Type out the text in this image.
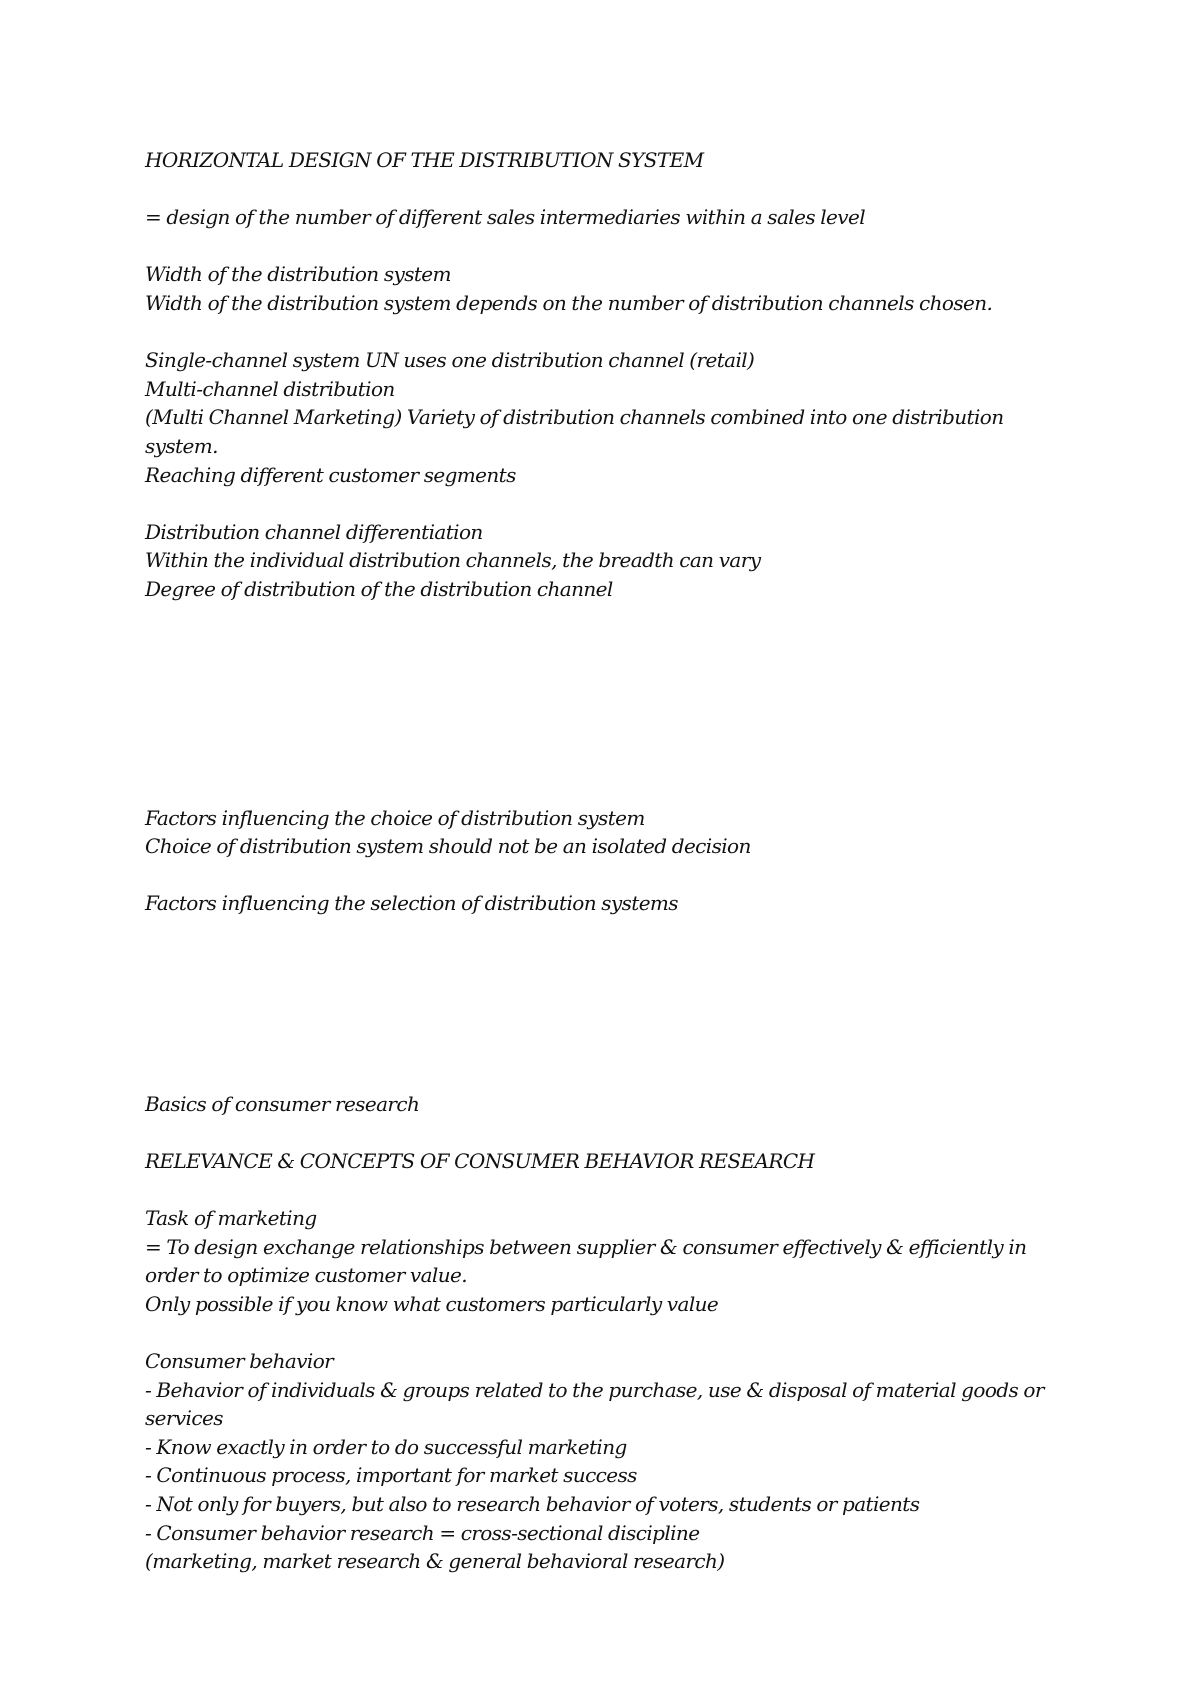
HORIZONTAL DESIGN OF THE DISTRIBUTION SYSTEM
= design of the number of different sales intermediaries within a sales level
Width of the distribution system
Width of the distribution system depends on the number of distribution channels chosen.
Single-channel system UN uses one distribution channel (retail)
Multi-channel distribution
(Multi Channel Marketing) Variety of distribution channels combined into one distribution system.
Reaching different customer segments
Distribution channel differentiation
Within the individual distribution channels, the breadth can vary
Degree of distribution of the distribution channel
Factors influencing the choice of distribution system
Choice of distribution system should not be an isolated decision
Factors influencing the selection of distribution systems
Basics of consumer research
RELEVANCE & CONCEPTS OF CONSUMER BEHAVIOR RESEARCH
Task of marketing
= To design exchange relationships between supplier & consumer effectively & efficiently in order to optimize customer value.
Only possible if you know what customers particularly value
Consumer behavior
- Behavior of individuals & groups related to the purchase, use & disposal of material goods or services
- Know exactly in order to do successful marketing
- Continuous process, important for market success
- Not only for buyers, but also to research behavior of voters, students or patients
- Consumer behavior research = cross-sectional discipline
(marketing, market research & general behavioral research)
